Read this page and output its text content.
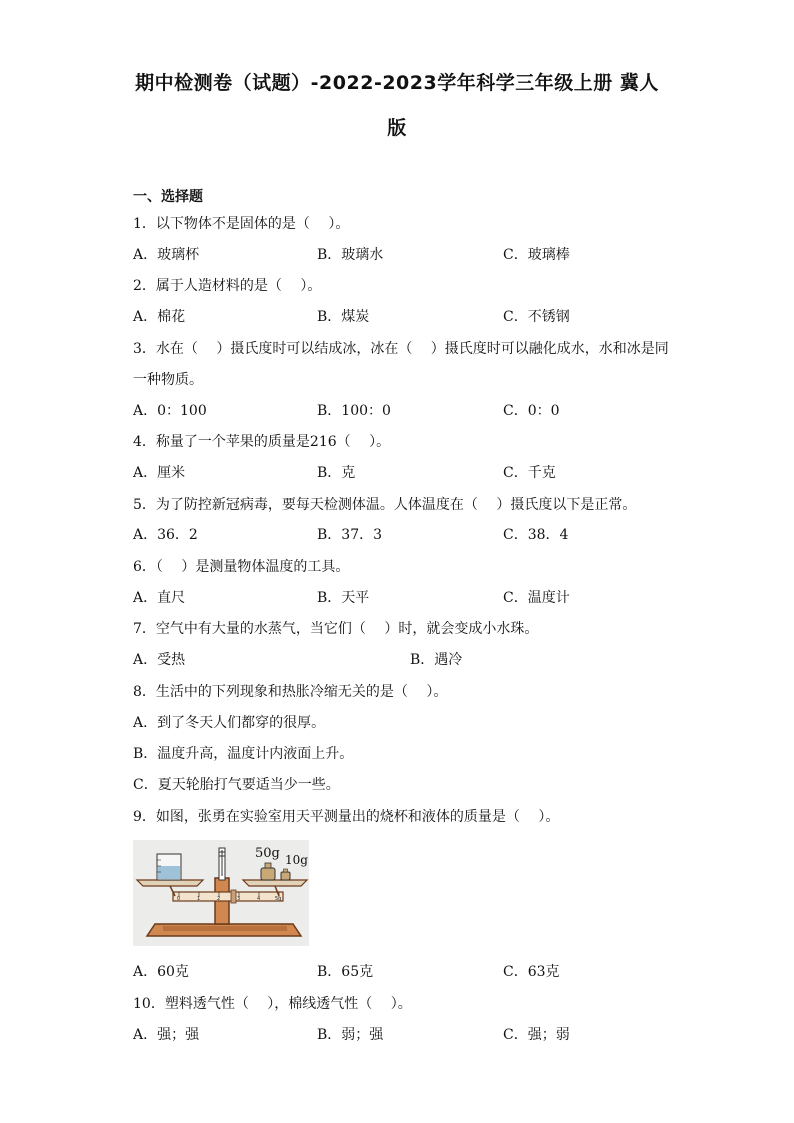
期中检测卷（试题）-2022-2023学年科学三年级上册 冀人
版
一、选择题
1．以下物体不是固体的是（　 ）。
A．玻璃杯	B．玻璃水	C．玻璃棒
2．属于人造材料的是（　 ）。
A．棉花	B．煤炭	C．不锈钢
3．水在（　 ）摄氏度时可以结成冰，冰在（　 ）摄氏度时可以融化成水，水和冰是同
一种物质。
A．0：100	B．100：0	C．0：0
4．称量了一个苹果的质量是216（　 ）。
A．厘米	B．克	C．千克
5．为了防控新冠病毒，要每天检测体温。人体温度在（　 ）摄氏度以下是正常。
A．36．2	B．37．3	C．38．4
6．（　 ）是测量物体温度的工具。
A．直尺	B．天平	C．温度计
7．空气中有大量的水蒸气，当它们（　 ）时，就会变成小水珠。
A．受热	B．遇冷
8．生活中的下列现象和热胀冷缩无关的是（　 ）。
A．到了冬天人们都穿的很厚。
B．温度升高，温度计内液面上升。
C．夏天轮胎打气要适当少一些。
9．如图，张勇在实验室用天平测量出的烧杯和液体的质量是（　 ）。
0	1	2	3	4	5g
50g 10g
A．60克	B．65克	C．63克
10．塑料透气性（　 ），棉线透气性（　 ）。
A．强；强	B．弱；强	C．强；弱
